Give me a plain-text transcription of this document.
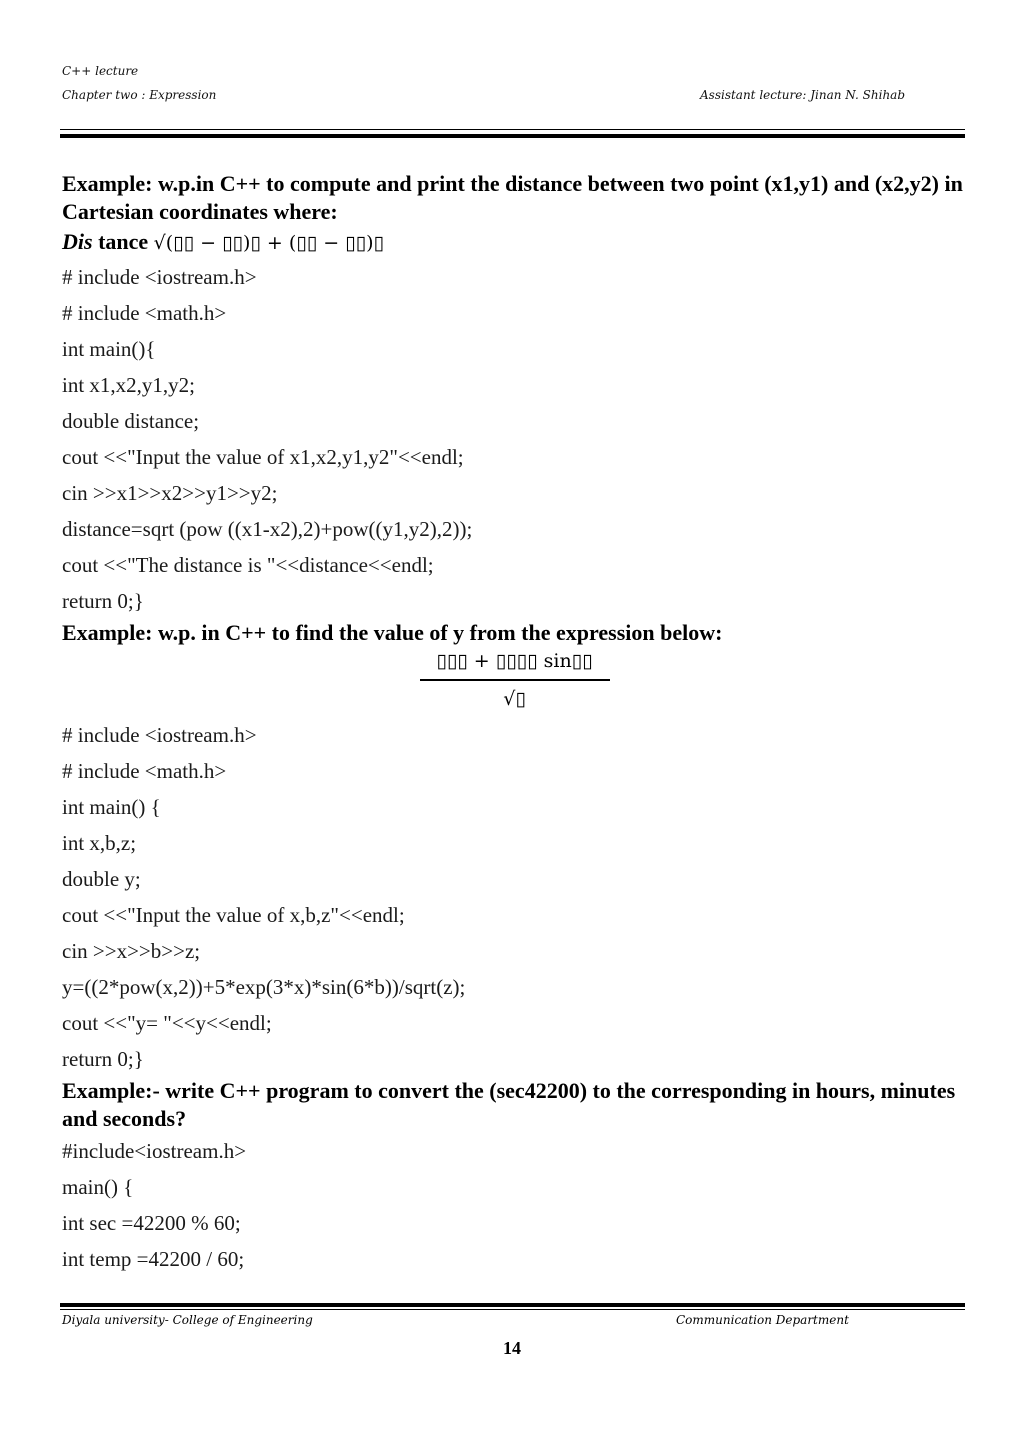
C++ lecture
Chapter two : Expression	Assistant lecture: Jinan N. Shihab

Example: w.p.in C++ to compute and print the distance between two point (x1,y1) and (x2,y2) in Cartesian coordinates where:

Dis tance √(▯▯ − ▯▯)▯ + (▯▯ − ▯▯)▯

# include <iostream.h>

# include <math.h>

int main(){

int x1,x2,y1,y2;

double distance;

cout <<"Input the value of x1,x2,y1,y2"<<endl;

cin >>x1>>x2>>y1>>y2;

distance=sqrt (pow ((x1-x2),2)+pow((y1,y2),2));

cout <<"The distance is "<<distance<<endl;

return 0;}

Example: w.p. in C++ to find the value of y from the expression below:

▯▯▯ + ▯▯▯▯ sin▯▯
√▯

# include <iostream.h>

# include <math.h>

int main() {

int x,b,z;

double y;

cout <<"Input the value of x,b,z"<<endl;

cin >>x>>b>>z;

y=((2*pow(x,2))+5*exp(3*x)*sin(6*b))/sqrt(z);

cout <<"y= "<<y<<endl;

return 0;}

Example:- write C++ program to convert the (sec42200) to the corresponding in hours, minutes and seconds?

#include<iostream.h>

main() {

int sec =42200 % 60;

int temp =42200 / 60;

Diyala university- College of Engineering	Communication Department
14
